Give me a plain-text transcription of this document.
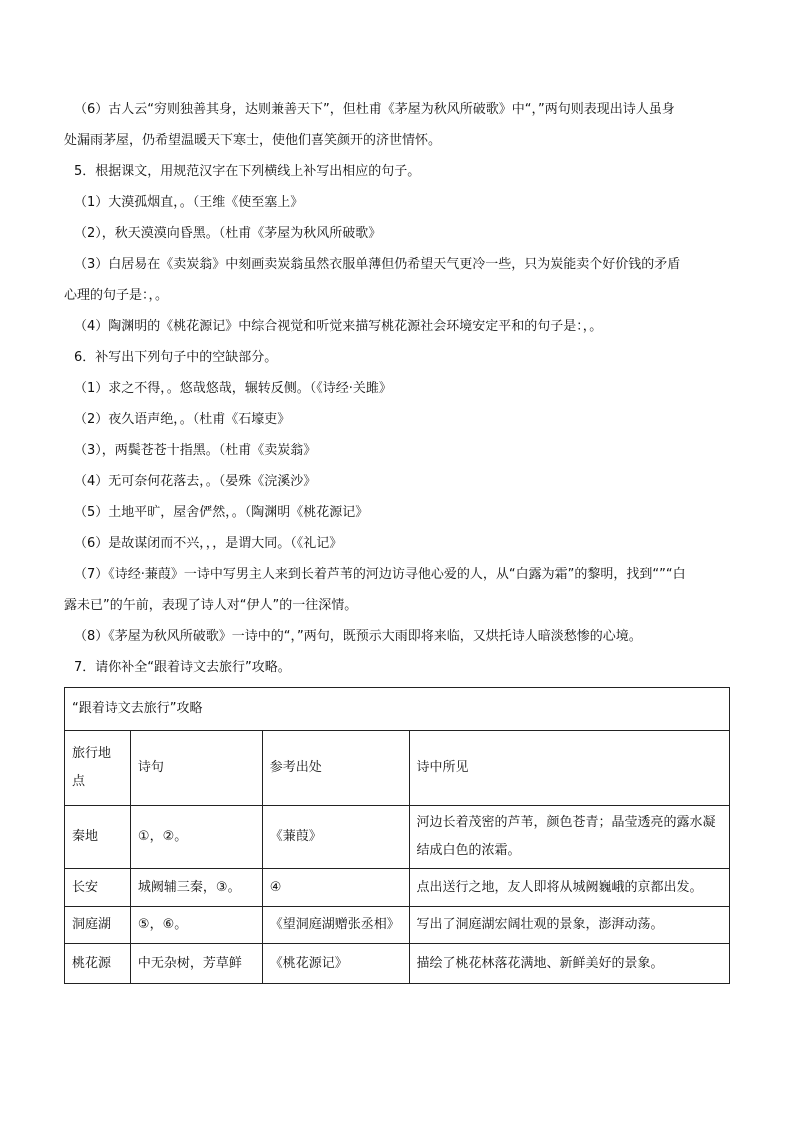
（6）古人云“穷则独善其身，达则兼善天下”，但杜甫《茅屋为秋风所破歌》中“，”两句则表现出诗人虽身
处漏雨茅屋，仍希望温暖天下寒士，使他们喜笑颜开的济世情怀。
5．根据课文，用规范汉字在下列横线上补写出相应的句子。
（1）大漠孤烟直，。（王维《使至塞上》
（2），秋天漠漠向昏黑。（杜甫《茅屋为秋风所破歌》
（3）白居易在《卖炭翁》中刻画卖炭翁虽然衣服单薄但仍希望天气更冷一些，只为炭能卖个好价钱的矛盾
心理的句子是：，。
（4）陶渊明的《桃花源记》中综合视觉和听觉来描写桃花源社会环境安定平和的句子是：，。
6．补写出下列句子中的空缺部分。
（1）求之不得，。悠哉悠哉，辗转反侧。（《诗经·关雎》
（2）夜久语声绝，。（杜甫《石壕吏》
（3），两鬓苍苍十指黑。（杜甫《卖炭翁》
（4）无可奈何花落去，。（晏殊《浣溪沙》
（5）土地平旷，屋舍俨然，。（陶渊明《桃花源记》
（6）是故谋闭而不兴，，，是谓大同。（《礼记》
（7）《诗经·蒹葭》一诗中写男主人来到长着芦苇的河边访寻他心爱的人，从“白露为霜”的黎明，找到“”“白
露未已”的午前，表现了诗人对“伊人”的一往深情。
（8）《茅屋为秋风所破歌》一诗中的“，”两句，既预示大雨即将来临，又烘托诗人暗淡愁惨的心境。
7．请你补全“跟着诗文去旅行”攻略。
“跟着诗文去旅行”攻略			
旅行地点	诗句	参考出处	诗中所见
秦地	①，②。	《蒹葭》	河边长着茂密的芦苇，颜色苍青；晶莹透亮的露水凝结成白色的浓霜。
长安	城阙辅三秦，③。	④	点出送行之地，友人即将从城阙巍峨的京都出发。
洞庭湖	⑤，⑥。	《望洞庭湖赠张丞相》	写出了洞庭湖宏阔壮观的景象，澎湃动荡。
桃花源	中无杂树，芳草鲜	《桃花源记》	描绘了桃花林落花满地、新鲜美好的景象。
